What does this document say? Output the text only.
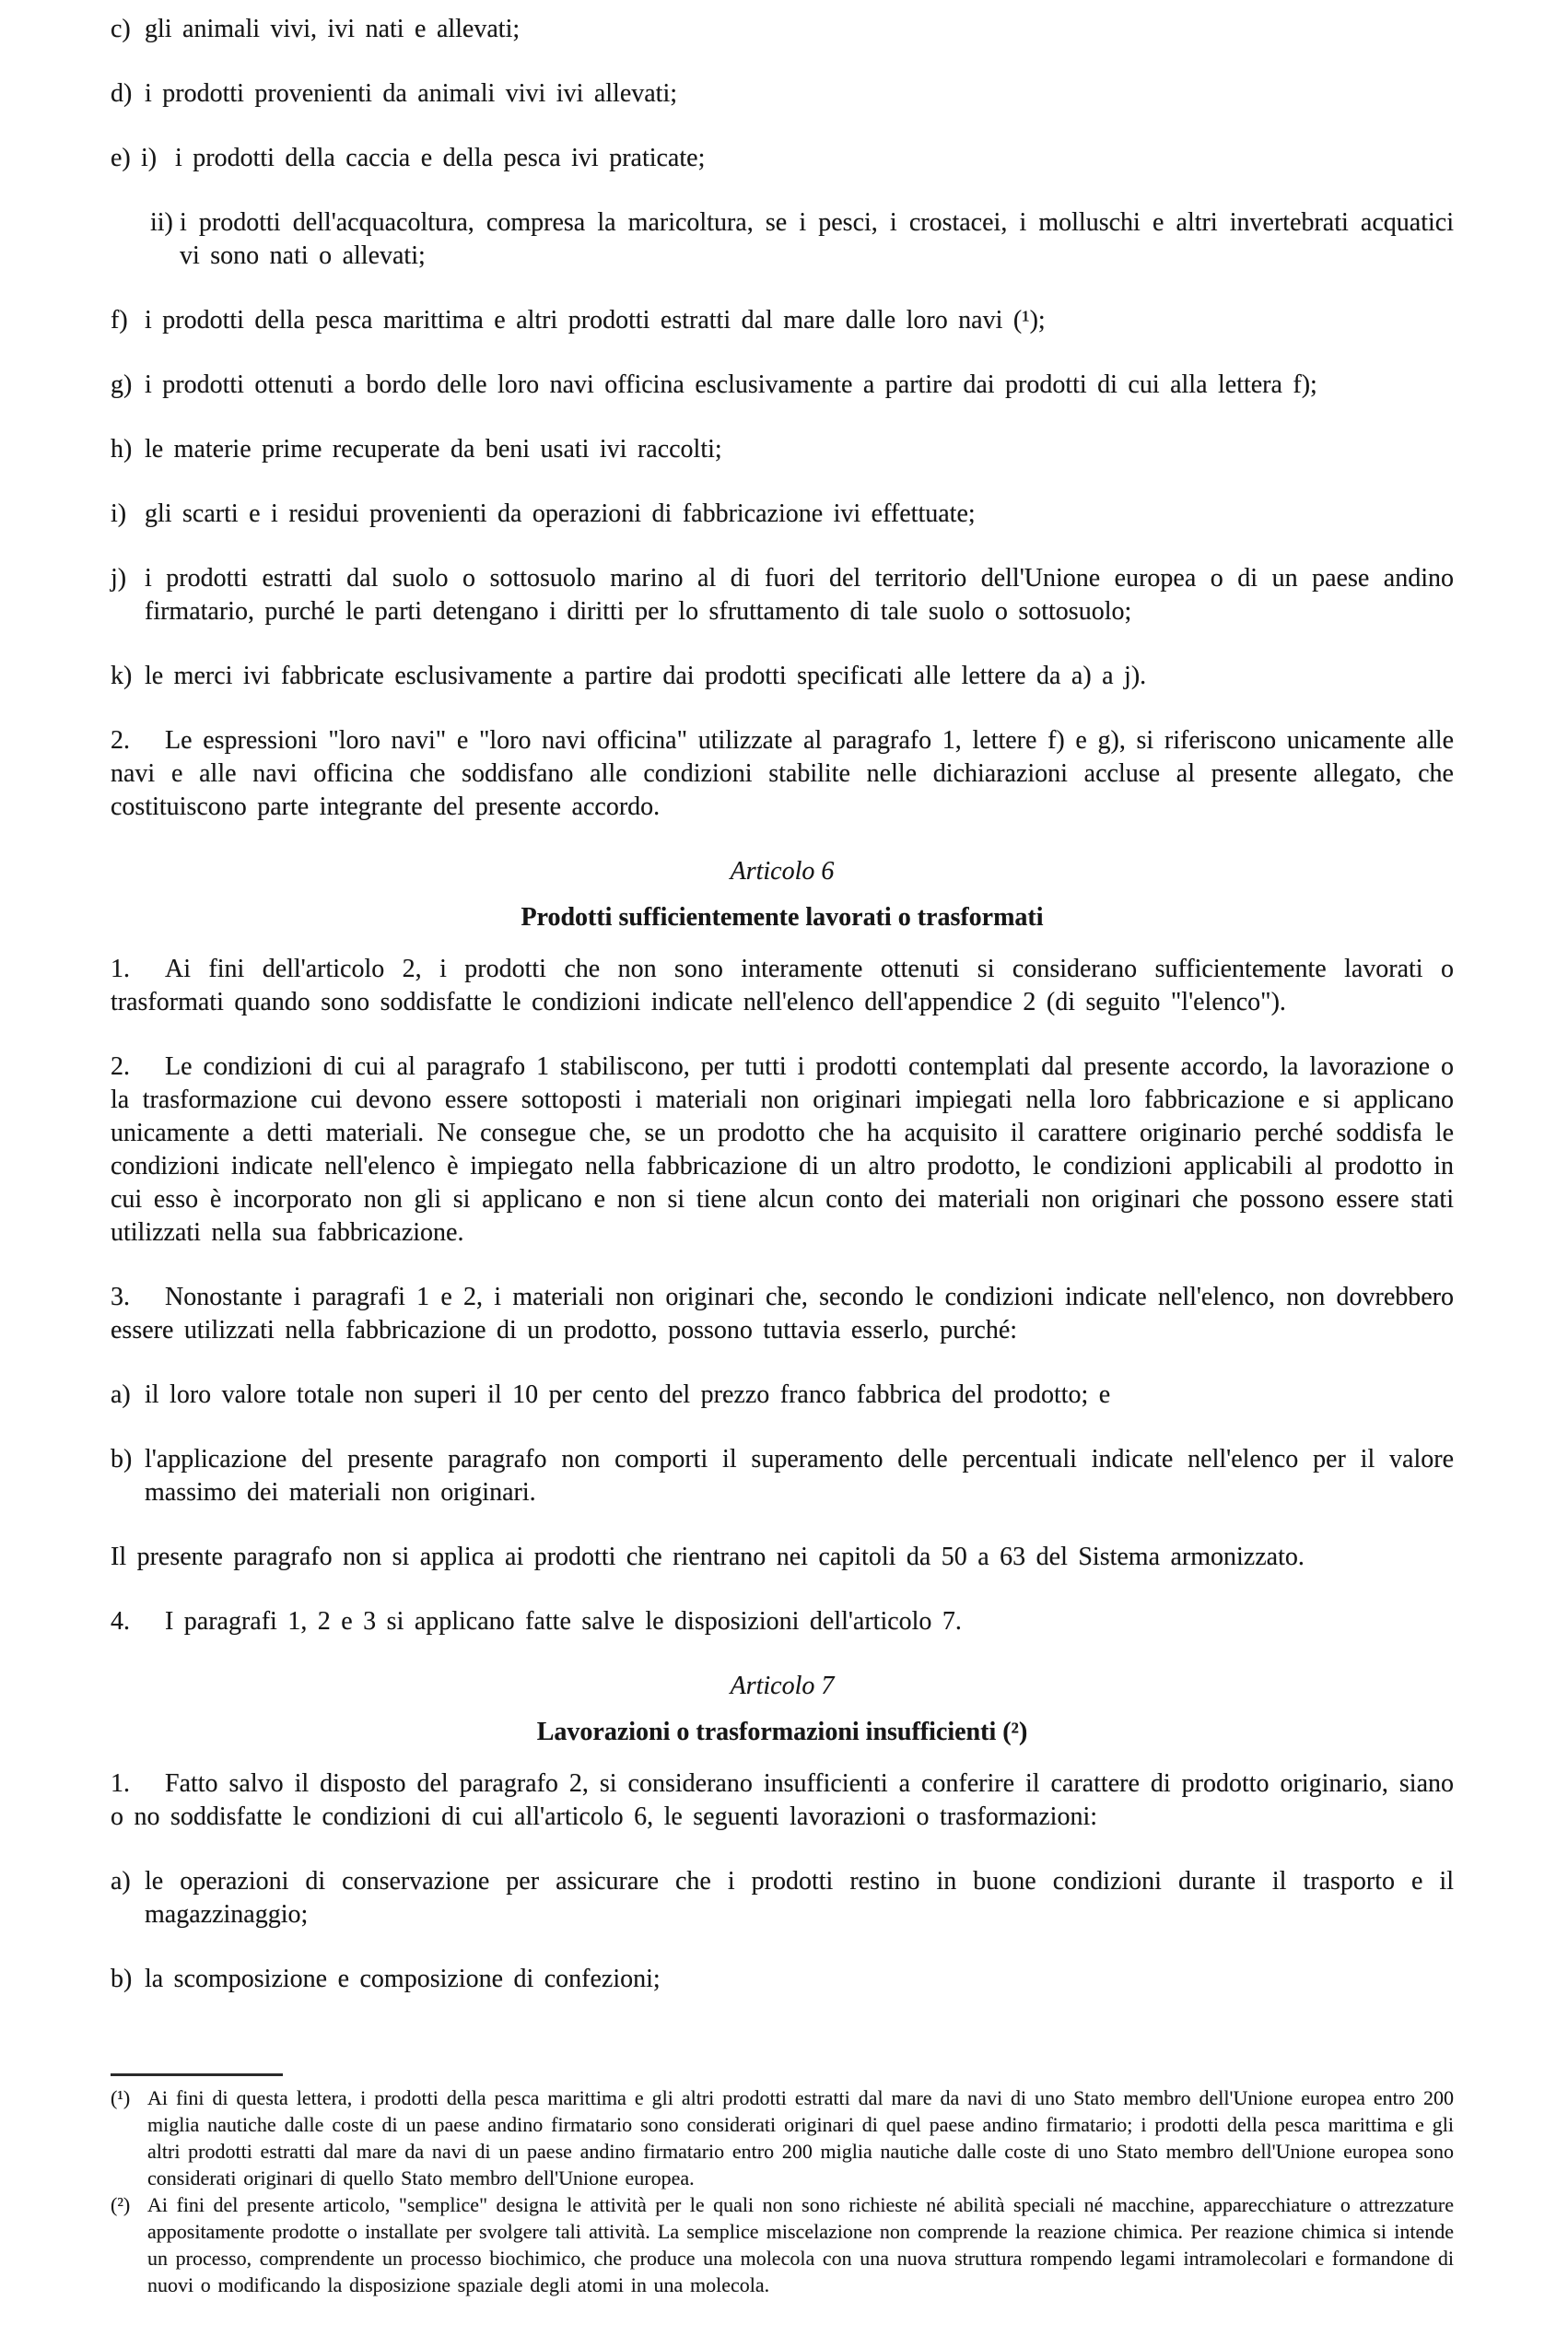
c) gli animali vivi, ivi nati e allevati;
d) i prodotti provenienti da animali vivi ivi allevati;
e) i) i prodotti della caccia e della pesca ivi praticate;
ii) i prodotti dell'acquacoltura, compresa la maricoltura, se i pesci, i crostacei, i molluschi e altri invertebrati acquatici vi sono nati o allevati;
f) i prodotti della pesca marittima e altri prodotti estratti dal mare dalle loro navi (¹);
g) i prodotti ottenuti a bordo delle loro navi officina esclusivamente a partire dai prodotti di cui alla lettera f);
h) le materie prime recuperate da beni usati ivi raccolti;
i) gli scarti e i residui provenienti da operazioni di fabbricazione ivi effettuate;
j) i prodotti estratti dal suolo o sottosuolo marino al di fuori del territorio dell'Unione europea o di un paese andino firmatario, purché le parti detengano i diritti per lo sfruttamento di tale suolo o sottosuolo;
k) le merci ivi fabbricate esclusivamente a partire dai prodotti specificati alle lettere da a) a j).

2. Le espressioni "loro navi" e "loro navi officina" utilizzate al paragrafo 1, lettere f) e g), si riferiscono unicamente alle navi e alle navi officina che soddisfano alle condizioni stabilite nelle dichiarazioni accluse al presente allegato, che costituiscono parte integrante del presente accordo.

Articolo 6
Prodotti sufficientemente lavorati o trasformati

1. Ai fini dell'articolo 2, i prodotti che non sono interamente ottenuti si considerano sufficientemente lavorati o trasformati quando sono soddisfatte le condizioni indicate nell'elenco dell'appendice 2 (di seguito "l'elenco").

2. Le condizioni di cui al paragrafo 1 stabiliscono, per tutti i prodotti contemplati dal presente accordo, la lavorazione o la trasformazione cui devono essere sottoposti i materiali non originari impiegati nella loro fabbricazione e si applicano unicamente a detti materiali. Ne consegue che, se un prodotto che ha acquisito il carattere originario perché soddisfa le condizioni indicate nell'elenco è impiegato nella fabbricazione di un altro prodotto, le condizioni applicabili al prodotto in cui esso è incorporato non gli si applicano e non si tiene alcun conto dei materiali non originari che possono essere stati utilizzati nella sua fabbricazione.

3. Nonostante i paragrafi 1 e 2, i materiali non originari che, secondo le condizioni indicate nell'elenco, non dovrebbero essere utilizzati nella fabbricazione di un prodotto, possono tuttavia esserlo, purché:

a) il loro valore totale non superi il 10 per cento del prezzo franco fabbrica del prodotto; e
b) l'applicazione del presente paragrafo non comporti il superamento delle percentuali indicate nell'elenco per il valore massimo dei materiali non originari.

Il presente paragrafo non si applica ai prodotti che rientrano nei capitoli da 50 a 63 del Sistema armonizzato.

4. I paragrafi 1, 2 e 3 si applicano fatte salve le disposizioni dell'articolo 7.

Articolo 7
Lavorazioni o trasformazioni insufficienti (²)

1. Fatto salvo il disposto del paragrafo 2, si considerano insufficienti a conferire il carattere di prodotto originario, siano o no soddisfatte le condizioni di cui all'articolo 6, le seguenti lavorazioni o trasformazioni:

a) le operazioni di conservazione per assicurare che i prodotti restino in buone condizioni durante il trasporto e il magazzinaggio;
b) la scomposizione e composizione di confezioni;
(¹) Ai fini di questa lettera, i prodotti della pesca marittima e gli altri prodotti estratti dal mare da navi di uno Stato membro dell'Unione europea entro 200 miglia nautiche dalle coste di un paese andino firmatario sono considerati originari di quel paese andino firmatario; i prodotti della pesca marittima e gli altri prodotti estratti dal mare da navi di un paese andino firmatario entro 200 miglia nautiche dalle coste di uno Stato membro dell'Unione europea sono considerati originari di quello Stato membro dell'Unione europea.
(²) Ai fini del presente articolo, "semplice" designa le attività per le quali non sono richieste né abilità speciali né macchine, apparecchiature o attrezzature appositamente prodotte o installate per svolgere tali attività. La semplice miscelazione non comprende la reazione chimica. Per reazione chimica si intende un processo, comprendente un processo biochimico, che produce una molecola con una nuova struttura rompendo legami intramolecolari e formandone di nuovi o modificando la disposizione spaziale degli atomi in una molecola.
